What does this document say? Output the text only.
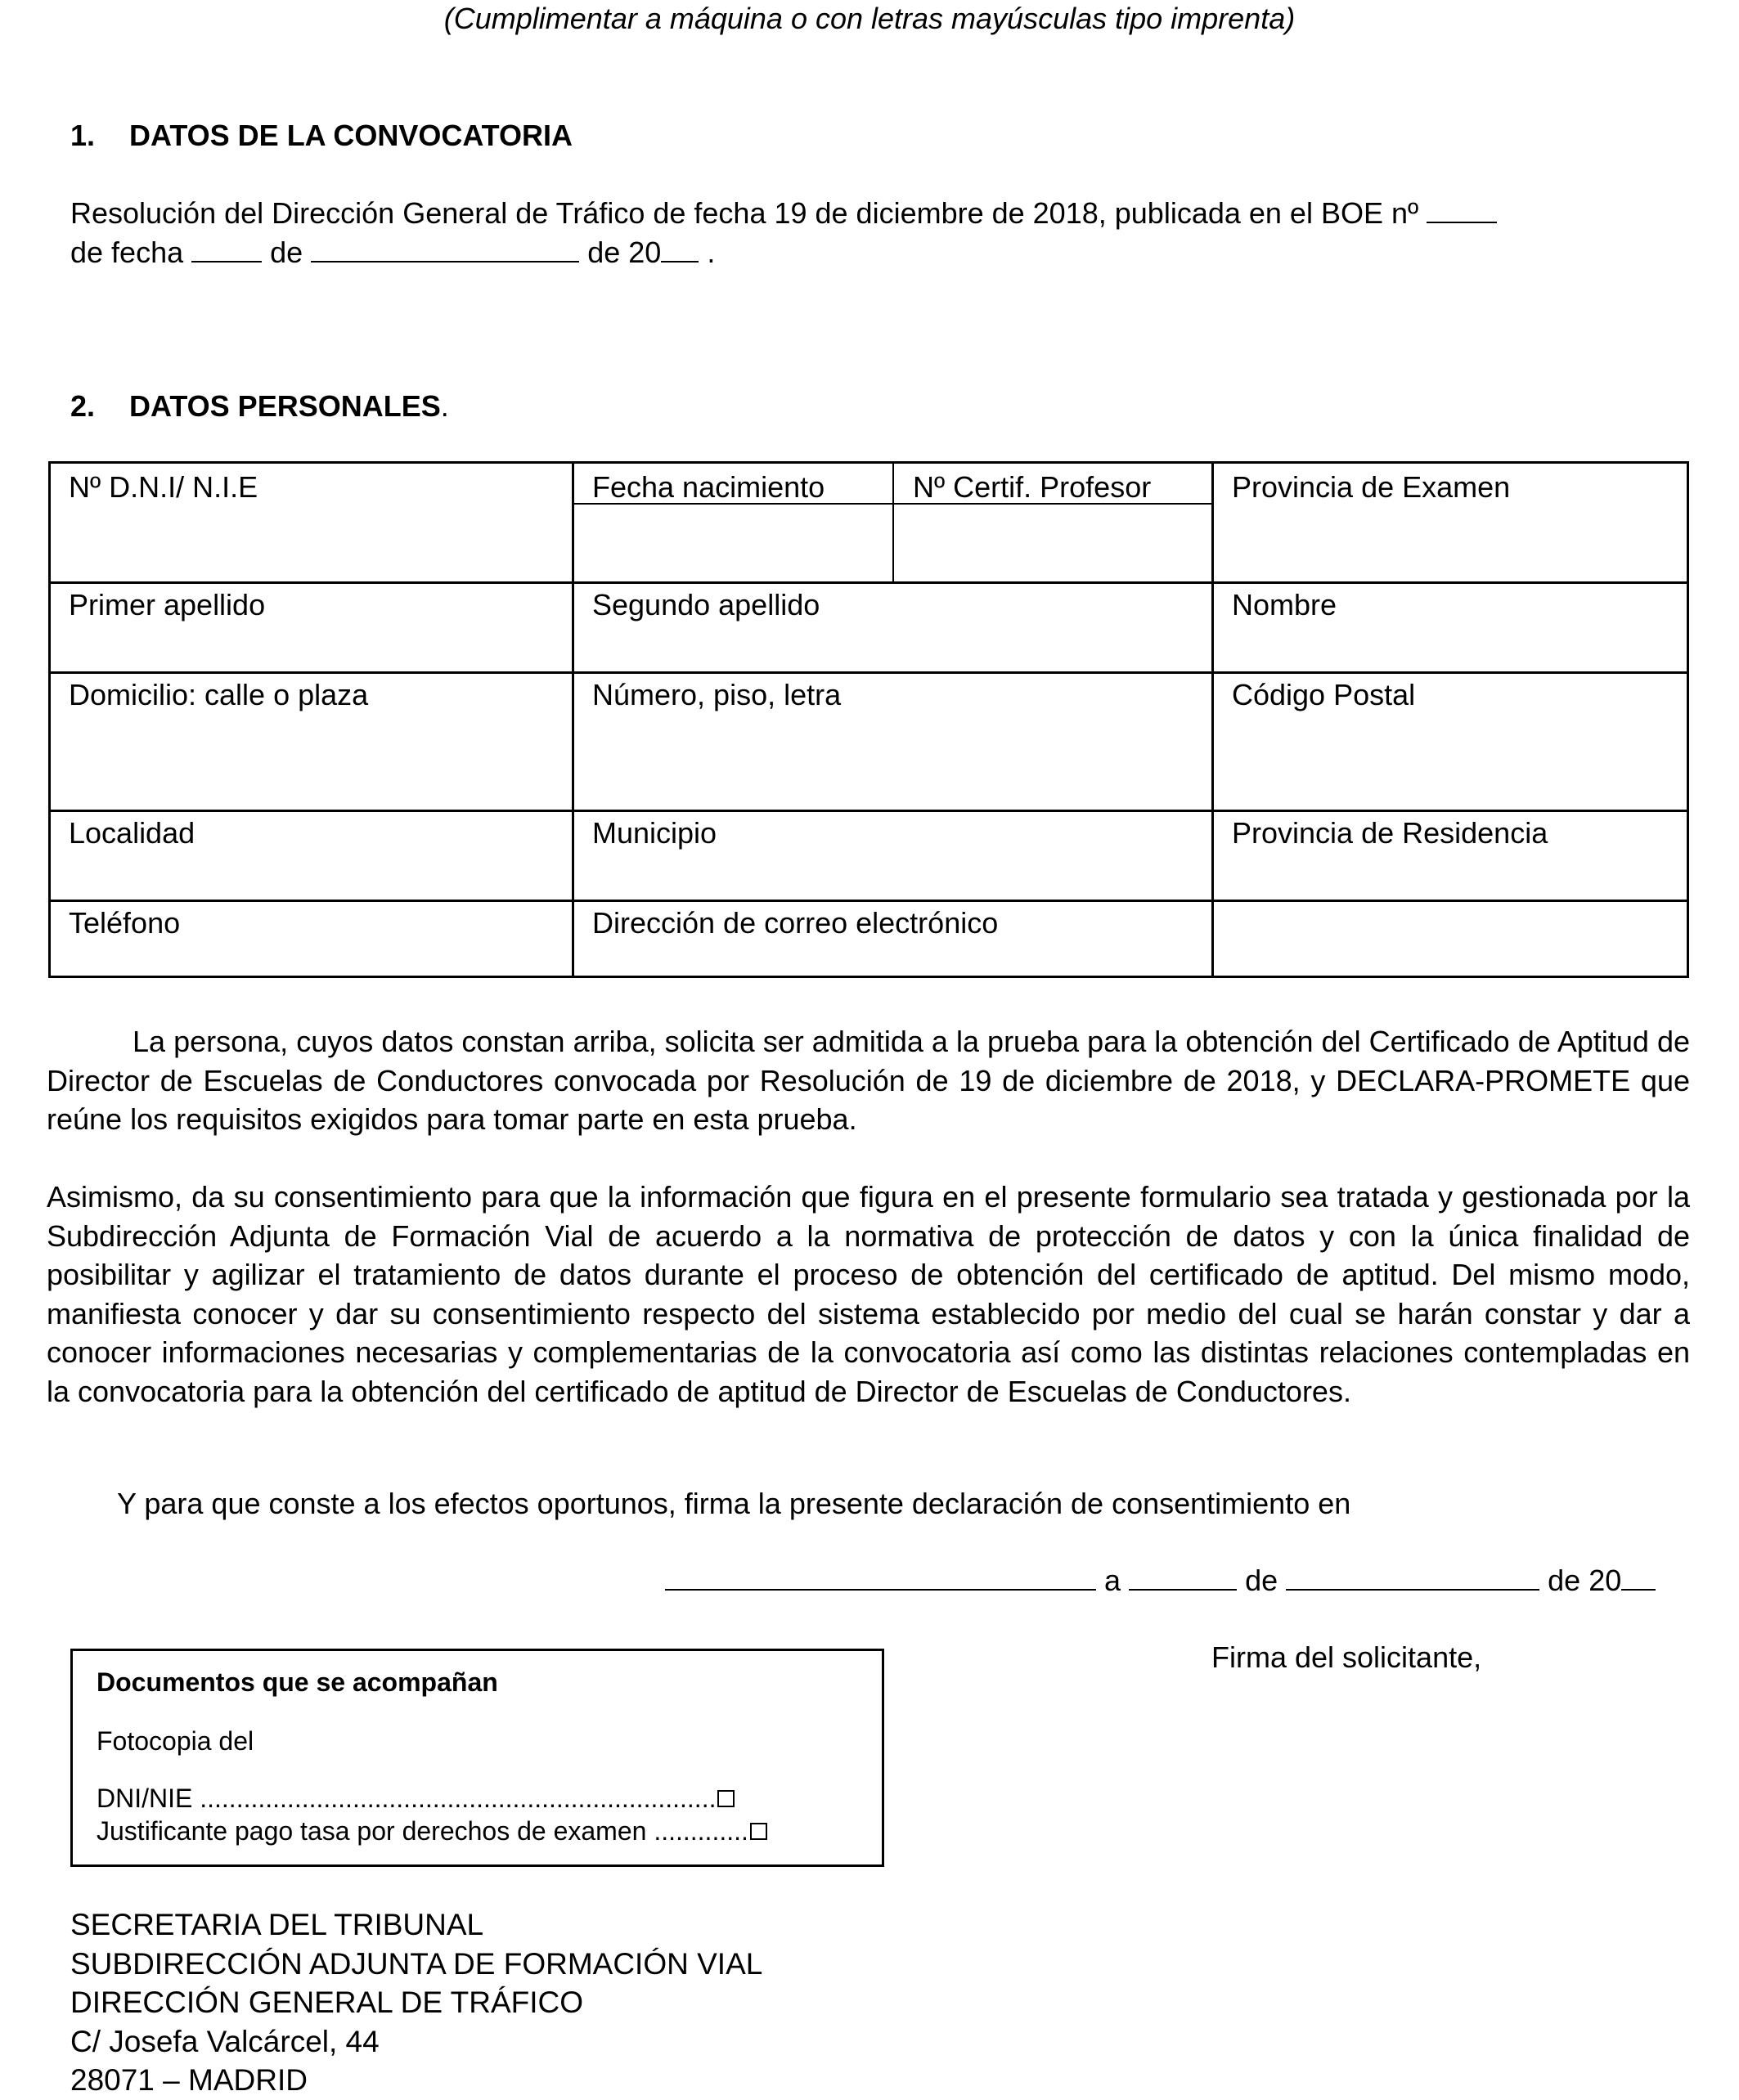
(Cumplimentar a máquina o con letras mayúsculas tipo imprenta)
1. DATOS DE LA CONVOCATORIA
Resolución del Dirección General de Tráfico de fecha 19 de diciembre de 2018, publicada en el BOE nº
de fecha	de	de 20 .
2. DATOS PERSONALES.
Nº D.N.I/ N.I.E	Fecha nacimiento	Nº Certif. Profesor	Provincia de Examen
Primer apellido	Segundo apellido	Nombre
Domicilio: calle o plaza	Número, piso, letra	Código Postal
Localidad	Municipio	Provincia de Residencia
Teléfono	Dirección de correo electrónico
La persona, cuyos datos constan arriba, solicita ser admitida a la prueba para la obtención del Certificado de Aptitud de Director de Escuelas de Conductores convocada por Resolución de 19 de diciembre de 2018, y DECLARA-PROMETE que reúne los requisitos exigidos para tomar parte en esta prueba.
Asimismo, da su consentimiento para que la información que figura en el presente formulario sea tratada y gestionada por la Subdirección Adjunta de Formación Vial de acuerdo a la normativa de protección de datos y con la única finalidad de posibilitar y agilizar el tratamiento de datos durante el proceso de obtención del certificado de aptitud. Del mismo modo, manifiesta conocer y dar su consentimiento respecto del sistema establecido por medio del cual se harán constar y dar a conocer informaciones necesarias y complementarias de la convocatoria así como las distintas relaciones contempladas en la convocatoria para la obtención del certificado de aptitud de Director de Escuelas de Conductores.
Y para que conste a los efectos oportunos, firma la presente declaración de consentimiento en
a	de	de 20
Firma del solicitante,
Documentos que se acompañan
Fotocopia del
DNI/NIE .......................................................................
Justificante pago tasa por derechos de examen .............
SECRETARIA DEL TRIBUNAL
SUBDIRECCIÓN ADJUNTA DE FORMACIÓN VIAL
DIRECCIÓN GENERAL DE TRÁFICO
C/ Josefa Valcárcel, 44
28071 – MADRID
